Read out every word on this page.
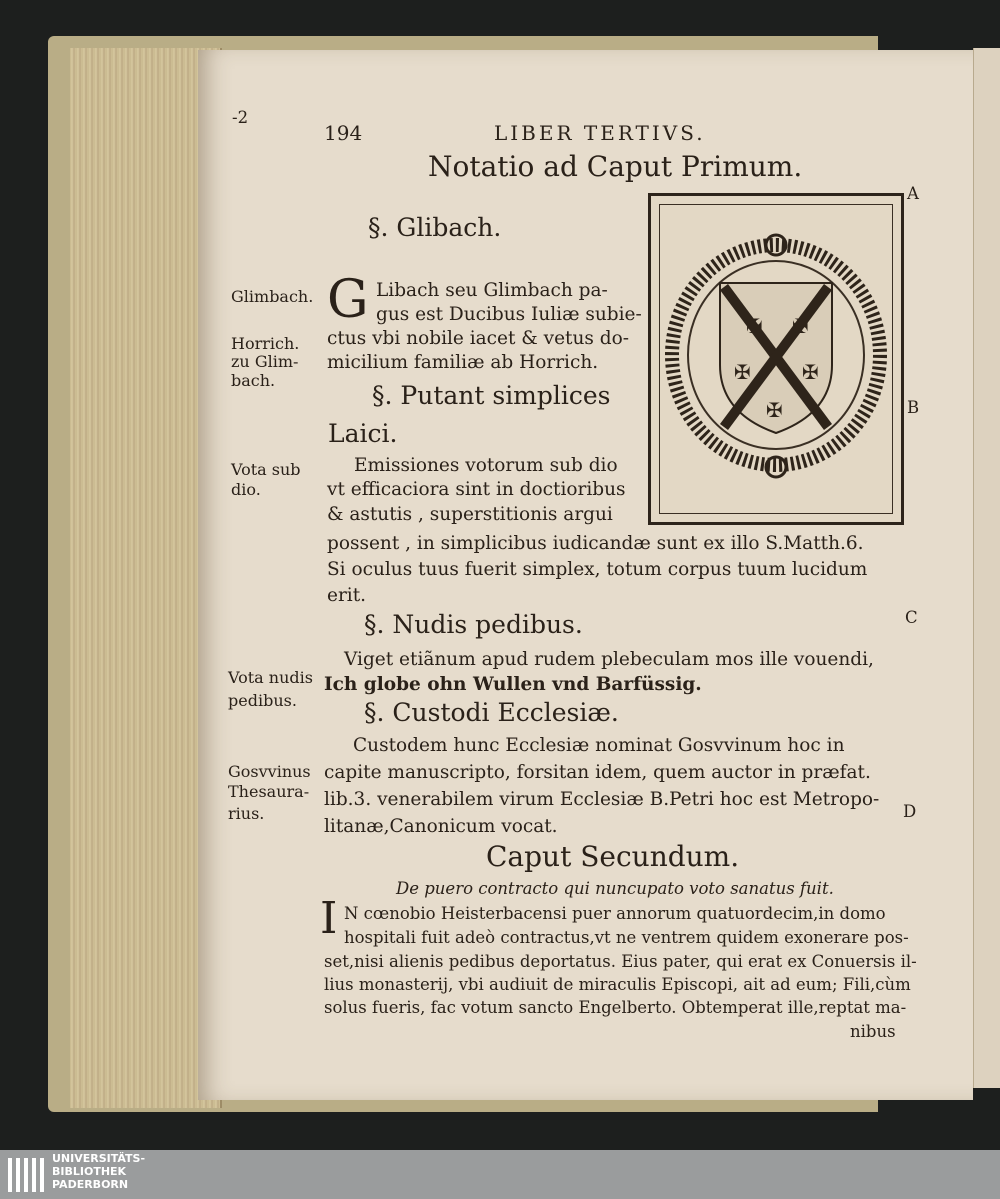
-2
194	LIBER TERTIVS.
Notatio ad Caput Primum.
A
B
C
D
✠ ✠
✠	✠
✠
§. Glibach.
Glimbach.
Horrich.
zu Glim-
bach.
G Libach seu Glimbach pa-
gus est Ducibus Iuliæ subie-
ctus vbi nobile iacet & vetus do-
micilium familiæ ab Horrich.
§. Putant simplices
Laici.
Vota sub
dio.
Emissiones votorum sub dio
vt efficaciora sint in doctioribus
& astutis , superstitionis argui
possent , in simplicibus iudicandæ sunt ex illo S.Matth.6.
Si oculus tuus fuerit simplex, totum corpus tuum lucidum
erit.
§. Nudis pedibus.
Vota nudis
pedibus.
Viget etiãnum apud rudem plebeculam mos ille vouendi,
Ich globe ohn Wullen vnd Barfüssig.
§. Custodi Ecclesiæ.
Gosvvinus
Thesaura-
rius.
Custodem hunc Ecclesiæ nominat Gosvvinum hoc in
capite manuscripto, forsitan idem, quem auctor in præfat.
lib.3. venerabilem virum Ecclesiæ B.Petri hoc est Metropo-
litanæ,Canonicum vocat.
Caput Secundum.
De puero contracto qui nuncupato voto sanatus fuit.
I N cœnobio Heisterbacensi puer annorum quatuordecim,in domo
hospitali fuit adeò contractus,vt ne ventrem quidem exonerare pos-
set,nisi alienis pedibus deportatus. Eius pater, qui erat ex Conuersis il-
lius monasterij, vbi audiuit de miraculis Episcopi, ait ad eum; Fili,cùm
solus fueris, fac votum sancto Engelberto. Obtemperat ille,reptat ma-
nibus
UNIVERSITÄTS-
BIBLIOTHEK
PADERBORN
